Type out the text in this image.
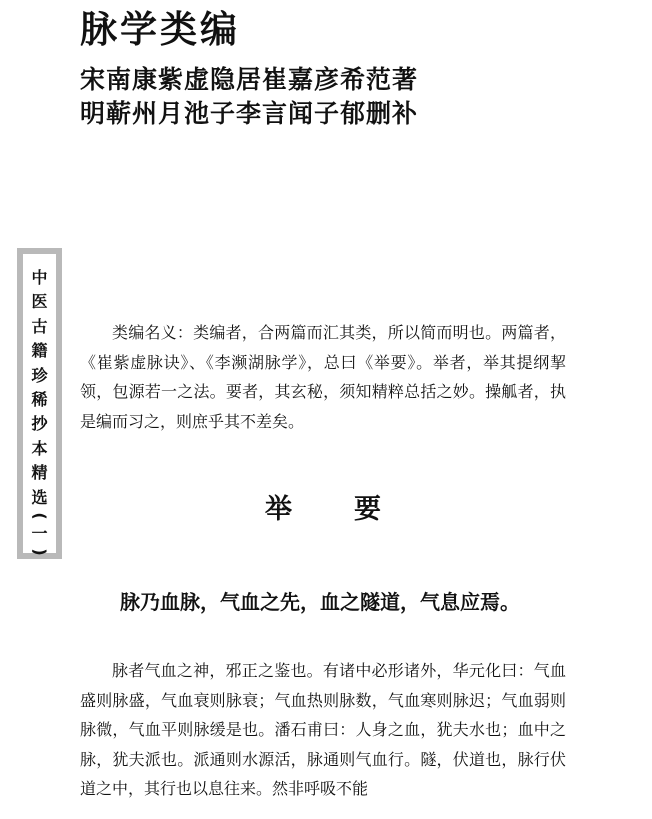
脉学类编
宋南康紫虚隐居崔嘉彦希范著
明蕲州月池子李言闻子郁删补
中
医
古
籍
珍
稀
抄
本
精
选
(
一
)

类编名义：类编者，合两篇而汇其类，所以简而明也。两篇者，《崔紫虚脉诀》、《李濒湖脉学》，总曰《举要》。举者，举其提纲挈领，包源若一之法。要者，其玄秘，须知精粹总括之妙。操觚者，执是编而习之，则庶乎其不差矣。

举 要

脉乃血脉，气血之先，血之隧道，气息应焉。

脉者气血之神，邪正之鉴也。有诸中必形诸外，华元化曰：气血盛则脉盛，气血衰则脉衰；气血热则脉数，气血寒则脉迟；气血弱则脉微，气血平则脉缓是也。潘石甫曰：人身之血，犹夫水也；血中之脉，犹夫派也。派通则水源活，脉通则气血行。隧，伏道也，脉行伏道之中，其行也以息往来。然非呼吸不能
